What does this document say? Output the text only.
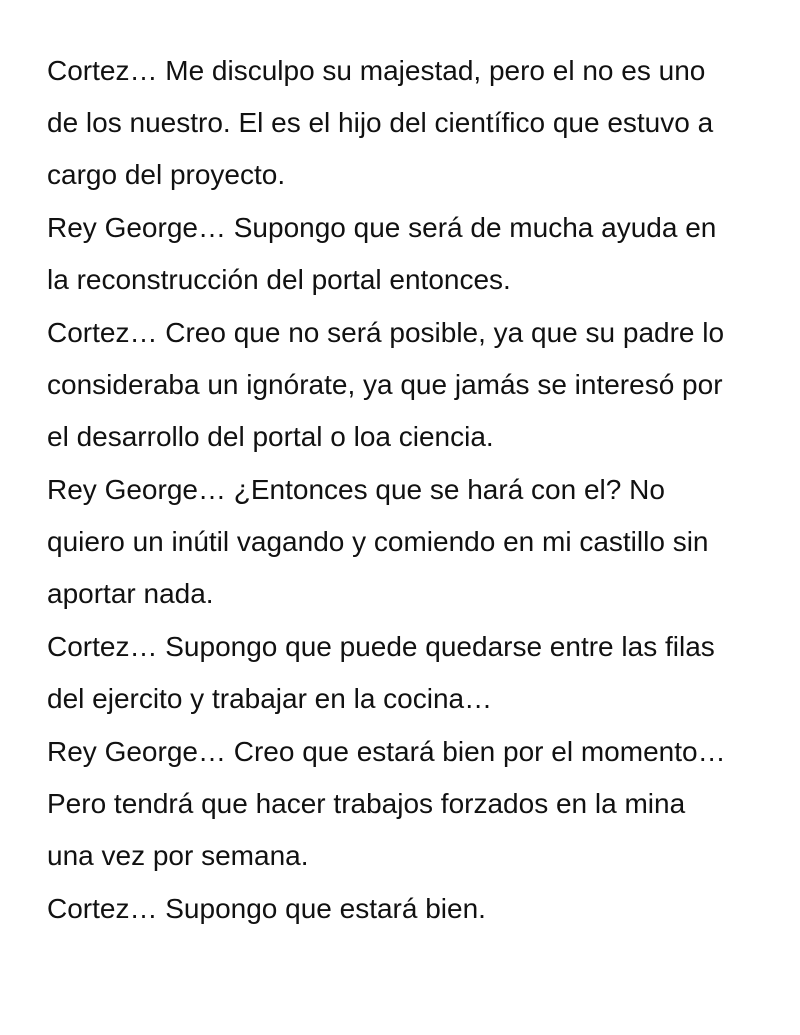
Cortez… Me disculpo su majestad, pero el no es uno
de los nuestro. El es el hijo del científico que estuvo a
cargo del proyecto.

Rey George… Supongo que será de mucha ayuda en
la reconstrucción del portal entonces.

Cortez… Creo que no será posible, ya que su padre lo
consideraba un ignórate, ya que jamás se interesó por
el desarrollo del portal o loa ciencia.

Rey George… ¿Entonces que se hará con el? No
quiero un inútil vagando y comiendo en mi castillo sin
aportar nada.

Cortez… Supongo que puede quedarse entre las filas
del ejercito y trabajar en la cocina…

Rey George… Creo que estará bien por el momento…
Pero tendrá que hacer trabajos forzados en la mina
una vez por semana.

Cortez… Supongo que estará bien.
